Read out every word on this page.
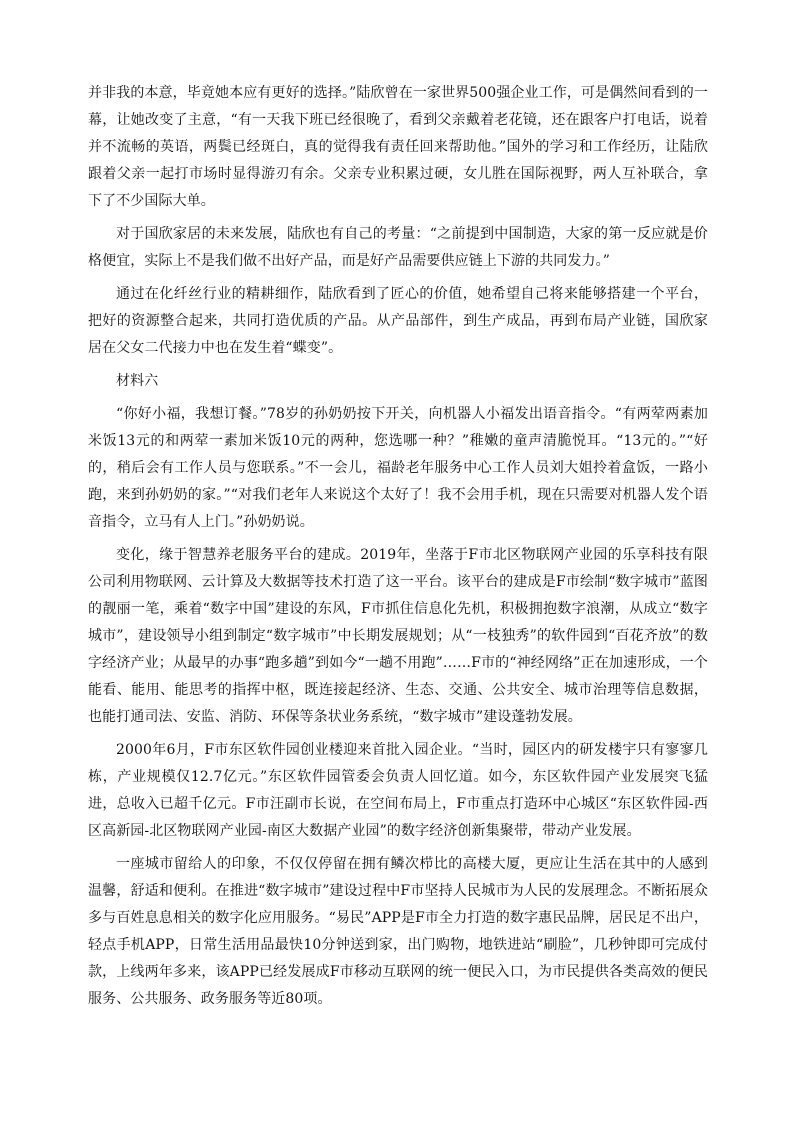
并非我的本意，毕竟她本应有更好的选择。”陆欣曾在一家世界500强企业工作，可是偶然间看到的一幕，让她改变了主意，“有一天我下班已经很晚了，看到父亲戴着老花镜，还在跟客户打电话，说着并不流畅的英语，两鬓已经斑白，真的觉得我有责任回来帮助他。”国外的学习和工作经历，让陆欣跟着父亲一起打市场时显得游刃有余。父亲专业积累过硬，女儿胜在国际视野，两人互补联合，拿下了不少国际大单。

对于国欣家居的未来发展，陆欣也有自己的考量：“之前提到中国制造，大家的第一反应就是价格便宜，实际上不是我们做不出好产品，而是好产品需要供应链上下游的共同发力。”

通过在化纤丝行业的精耕细作，陆欣看到了匠心的价值，她希望自己将来能够搭建一个平台，把好的资源整合起来，共同打造优质的产品。从产品部件，到生产成品，再到布局产业链，国欣家居在父女二代接力中也在发生着“蝶变”。

材料六

“你好小福，我想订餐。”78岁的孙奶奶按下开关，向机器人小福发出语音指令。“有两荤两素加米饭13元的和两荤一素加米饭10元的两种，您选哪一种？”稚嫩的童声清脆悦耳。“13元的。”“好的，稍后会有工作人员与您联系。”不一会儿，福龄老年服务中心工作人员刘大姐拎着盒饭，一路小跑，来到孙奶奶的家。”“对我们老年人来说这个太好了！我不会用手机，现在只需要对机器人发个语音指令，立马有人上门。”孙奶奶说。

变化，缘于智慧养老服务平台的建成。2019年，坐落于F市北区物联网产业园的乐享科技有限公司利用物联网、云计算及大数据等技术打造了这一平台。该平台的建成是F市绘制“数字城市”蓝图的靓丽一笔，乘着“数字中国”建设的东风，F市抓住信息化先机，积极拥抱数字浪潮，从成立“数字城市”，建设领导小组到制定“数字城市”中长期发展规划；从“一枝独秀”的软件园到“百花齐放”的数字经济产业；从最早的办事“跑多趟”到如今“一趟不用跑”……F市的“神经网络”正在加速形成，一个能看、能用、能思考的指挥中枢，既连接起经济、生态、交通、公共安全、城市治理等信息数据，也能打通司法、安监、消防、环保等条状业务系统，“数字城市”建设蓬勃发展。

2000年6月，F市东区软件园创业楼迎来首批入园企业。“当时，园区内的研发楼宇只有寥寥几栋，产业规模仅12.7亿元。”东区软件园管委会负责人回忆道。如今，东区软件园产业发展突飞猛进，总收入已超千亿元。F市汪副市长说，在空间布局上，F市重点打造环中心城区“东区软件园-西区高新园-北区物联网产业园-南区大数据产业园”的数字经济创新集聚带，带动产业发展。

一座城市留给人的印象，不仅仅停留在拥有鳞次栉比的高楼大厦，更应让生活在其中的人感到温馨，舒适和便利。在推进“数字城市”建设过程中F市坚持人民城市为人民的发展理念。不断拓展众多与百姓息息相关的数字化应用服务。“易民”APP是F市全力打造的数字惠民品牌，居民足不出户，轻点手机APP，日常生活用品最快10分钟送到家，出门购物，地铁进站“刷脸”，几秒钟即可完成付款，上线两年多来，该APP已经发展成F市移动互联网的统一便民入口，为市民提供各类高效的便民服务、公共服务、政务服务等近80项。
